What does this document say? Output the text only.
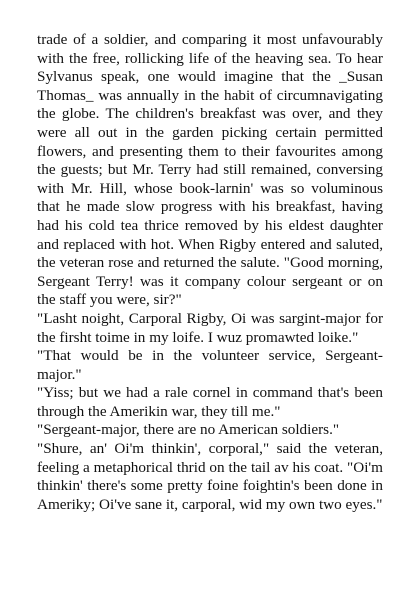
trade of a soldier, and comparing it most unfavourably with the free, rollicking life of the heaving sea. To hear Sylvanus speak, one would imagine that the _Susan Thomas_ was annually in the habit of circumnavigating the globe. The children's breakfast was over, and they were all out in the garden picking certain permitted flowers, and presenting them to their favourites among the guests; but Mr. Terry had still remained, conversing with Mr. Hill, whose book-larnin' was so voluminous that he made slow progress with his breakfast, having had his cold tea thrice removed by his eldest daughter and replaced with hot. When Rigby entered and saluted, the veteran rose and returned the salute. "Good morning, Sergeant Terry! was it company colour sergeant or on the staff you were, sir?"

"Lasht noight, Carporal Rigby, Oi was sargint-major for the firsht toime in my loife. I wuz promawted loike."

"That would be in the volunteer service, Sergeant-major."

"Yiss; but we had a rale cornel in command that's been through the Amerikin war, they till me."

"Sergeant-major, there are no American soldiers."

"Shure, an' Oi'm thinkin', corporal," said the veteran, feeling a metaphorical thrid on the tail av his coat. "Oi'm thinkin' there's some pretty foine foightin's been done in Ameriky; Oi've sane it, carporal, wid my own two eyes."
